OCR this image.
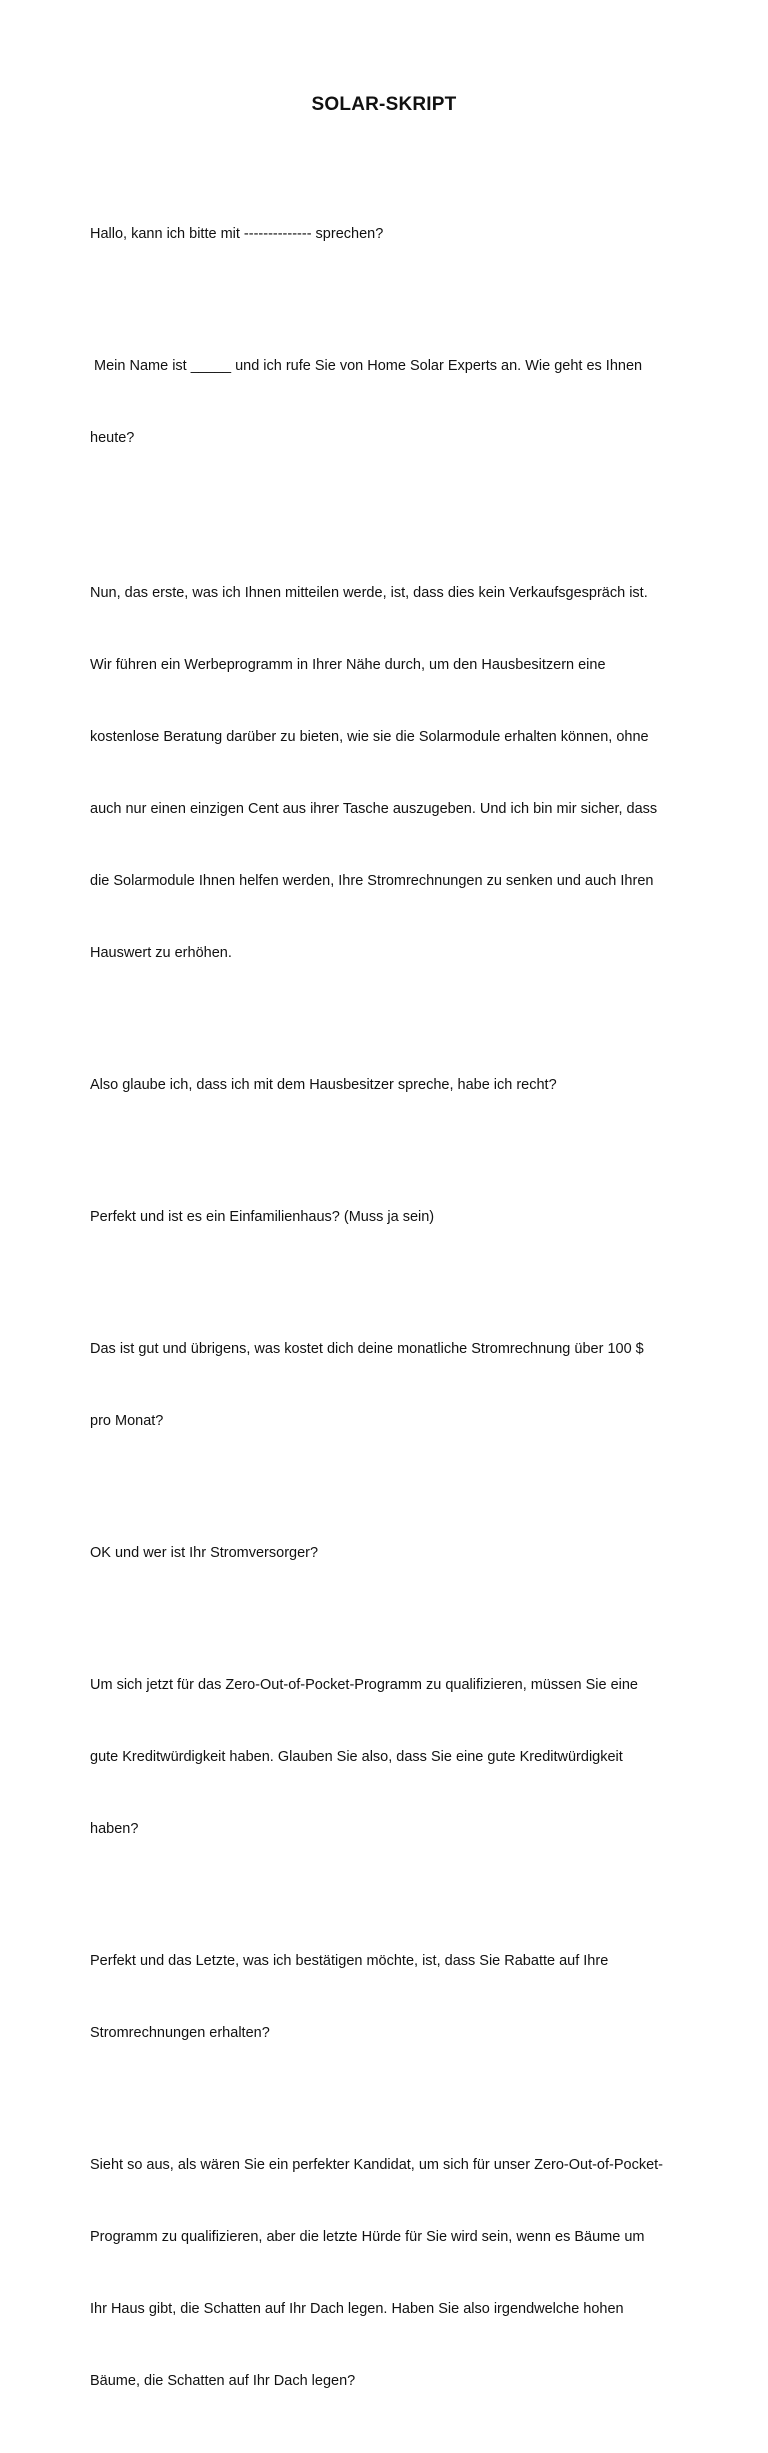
SOLAR-SKRIPT

Hallo, kann ich bitte mit -------------- sprechen?

Mein Name ist _____ und ich rufe Sie von Home Solar Experts an. Wie geht es Ihnen

heute?

Nun, das erste, was ich Ihnen mitteilen werde, ist, dass dies kein Verkaufsgespräch ist.

Wir führen ein Werbeprogramm in Ihrer Nähe durch, um den Hausbesitzern eine

kostenlose Beratung darüber zu bieten, wie sie die Solarmodule erhalten können, ohne

auch nur einen einzigen Cent aus ihrer Tasche auszugeben. Und ich bin mir sicher, dass

die Solarmodule Ihnen helfen werden, Ihre Stromrechnungen zu senken und auch Ihren

Hauswert zu erhöhen.

Also glaube ich, dass ich mit dem Hausbesitzer spreche, habe ich recht?

Perfekt und ist es ein Einfamilienhaus? (Muss ja sein)

Das ist gut und übrigens, was kostet dich deine monatliche Stromrechnung über 100 $

pro Monat?

OK und wer ist Ihr Stromversorger?

Um sich jetzt für das Zero-Out-of-Pocket-Programm zu qualifizieren, müssen Sie eine

gute Kreditwürdigkeit haben. Glauben Sie also, dass Sie eine gute Kreditwürdigkeit

haben?

Perfekt und das Letzte, was ich bestätigen möchte, ist, dass Sie Rabatte auf Ihre

Stromrechnungen erhalten?

Sieht so aus, als wären Sie ein perfekter Kandidat, um sich für unser Zero-Out-of-Pocket-

Programm zu qualifizieren, aber die letzte Hürde für Sie wird sein, wenn es Bäume um

Ihr Haus gibt, die Schatten auf Ihr Dach legen. Haben Sie also irgendwelche hohen

Bäume, die Schatten auf Ihr Dach legen?
